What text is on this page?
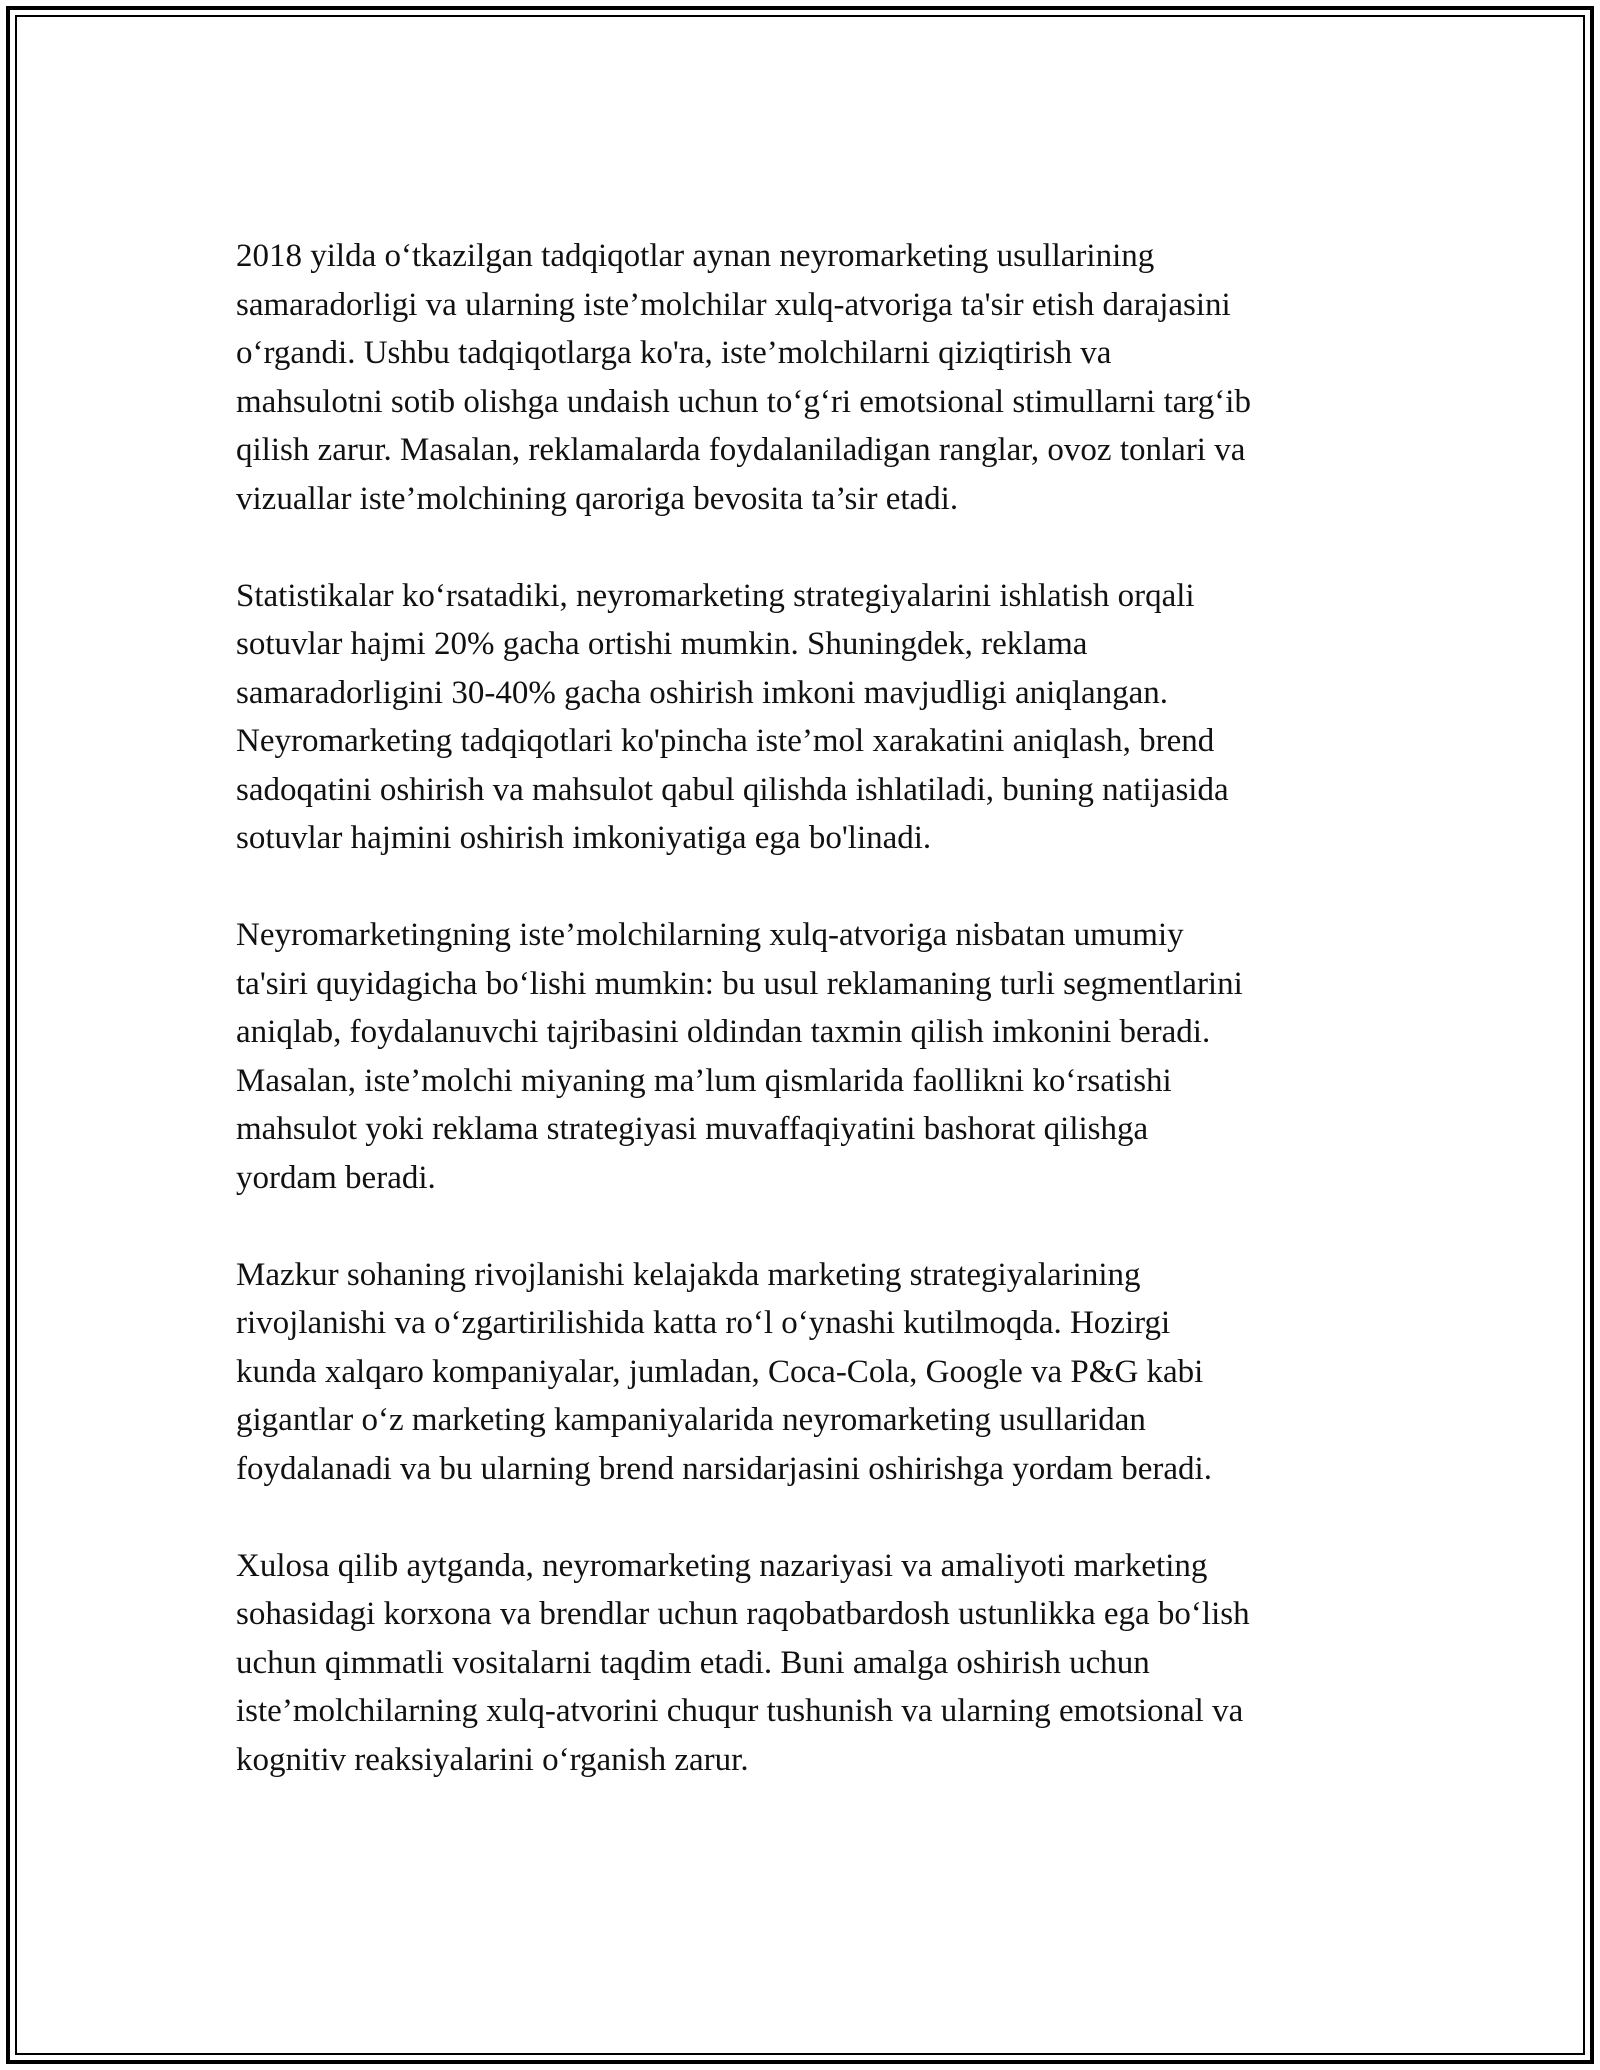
2018 yilda oʻtkazilgan tadqiqotlar aynan neyromarketing usullarining
samaradorligi va ularning iste’molchilar xulq-atvoriga ta'sir etish darajasini
oʻrgandi. Ushbu tadqiqotlarga ko'ra, iste’molchilarni qiziqtirish va
mahsulotni sotib olishga undaish uchun toʻgʻri emotsional stimullarni targʻib
qilish zarur. Masalan, reklamalarda foydalaniladigan ranglar, ovoz tonlari va
vizuallar iste’molchining qaroriga bevosita ta’sir etadi.

Statistikalar koʻrsatadiki, neyromarketing strategiyalarini ishlatish orqali
sotuvlar hajmi 20% gacha ortishi mumkin. Shuningdek, reklama
samaradorligini 30-40% gacha oshirish imkoni mavjudligi aniqlangan.
Neyromarketing tadqiqotlari ko'pincha iste’mol xarakatini aniqlash, brend
sadoqatini oshirish va mahsulot qabul qilishda ishlatiladi, buning natijasida
sotuvlar hajmini oshirish imkoniyatiga ega bo'linadi.

Neyromarketingning iste’molchilarning xulq-atvoriga nisbatan umumiy
ta'siri quyidagicha boʻlishi mumkin: bu usul reklamaning turli segmentlarini
aniqlab, foydalanuvchi tajribasini oldindan taxmin qilish imkonini beradi.
Masalan, iste’molchi miyaning ma’lum qismlarida faollikni koʻrsatishi
mahsulot yoki reklama strategiyasi muvaffaqiyatini bashorat qilishga
yordam beradi.

Mazkur sohaning rivojlanishi kelajakda marketing strategiyalarining
rivojlanishi va oʻzgartirilishida katta roʻl oʻynashi kutilmoqda. Hozirgi
kunda xalqaro kompaniyalar, jumladan, Coca-Cola, Google va P&G kabi
gigantlar oʻz marketing kampaniyalarida neyromarketing usullaridan
foydalanadi va bu ularning brend narsidarjasini oshirishga yordam beradi.

Xulosa qilib aytganda, neyromarketing nazariyasi va amaliyoti marketing
sohasidagi korxona va brendlar uchun raqobatbardosh ustunlikka ega boʻlish
uchun qimmatli vositalarni taqdim etadi. Buni amalga oshirish uchun
iste’molchilarning xulq-atvorini chuqur tushunish va ularning emotsional va
kognitiv reaksiyalarini oʻrganish zarur.
